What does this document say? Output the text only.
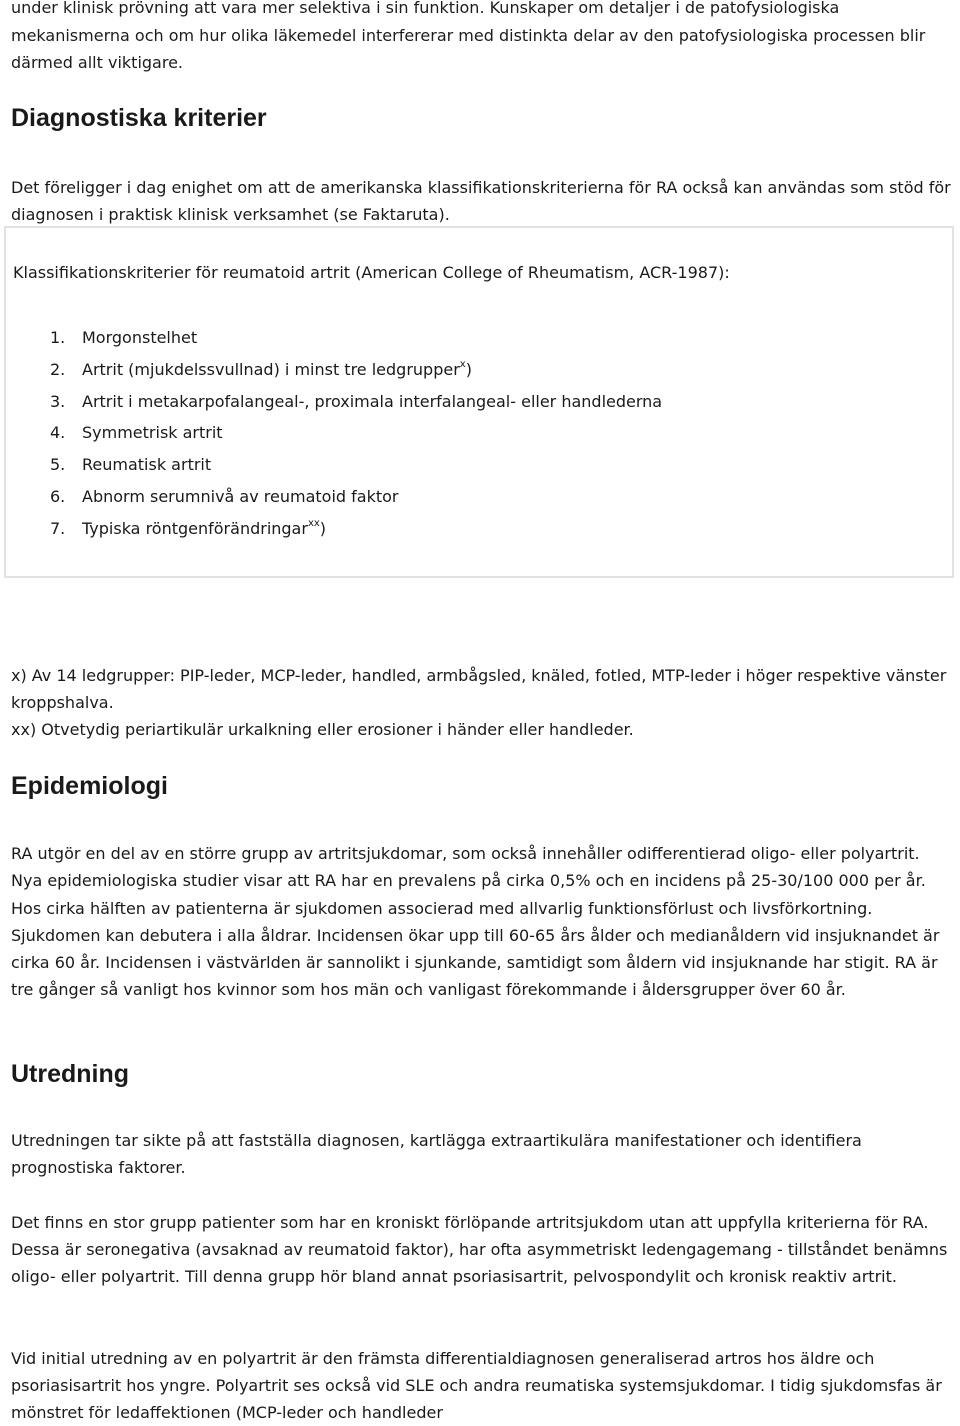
under klinisk prövning att vara mer selektiva i sin funktion. Kunskaper om detaljer i de patofysiologiska mekanismerna och om hur olika läkemedel interfererar med distinkta delar av den patofysiologiska processen blir därmed allt viktigare.

Diagnostiska kriterier

Det föreligger i dag enighet om att de amerikanska klassifikationskriterierna för RA också kan användas som stöd för diagnosen i praktisk klinisk verksamhet (se Faktaruta).

Klassifikationskriterier för reumatoid artrit (American College of Rheumatism, ACR-1987):
1. Morgonstelhet
2. Artrit (mjukdelssvullnad) i minst tre ledgrupper$^x$)
3. Artrit i metakarpofalangeal-, proximala interfalangeal- eller handlederna
4. Symmetrisk artrit
5. Reumatisk artrit
6. Abnorm serumnivå av reumatoid faktor
7. Typiska röntgenförändringar$^{xx}$)
x) Av 14 ledgrupper: PIP-leder, MCP-leder, handled, armbågsled, knäled, fotled, MTP-leder i höger respektive vänster kroppshalva.
xx) Otvetydig periartikulär urkalkning eller erosioner i händer eller handleder.
Epidemiologi

RA utgör en del av en större grupp av artritsjukdomar, som också innehåller odifferentierad oligo- eller polyartrit. Nya epidemiologiska studier visar att RA har en prevalens på cirka 0,5% och en incidens på 25-30/100 000 per år. Hos cirka hälften av patienterna är sjukdomen associerad med allvarlig funktionsförlust och livsförkortning. Sjukdomen kan debutera i alla åldrar. Incidensen ökar upp till 60-65 års ålder och medianåldern vid insjuknandet är cirka 60 år. Incidensen i västvärlden är sannolikt i sjunkande, samtidigt som åldern vid insjuknande har stigit. RA är tre gånger så vanligt hos kvinnor som hos män och vanligast förekommande i åldersgrupper över 60 år.

Utredning

Utredningen tar sikte på att fastställa diagnosen, kartlägga extraartikulära manifestationer och identifiera prognostiska faktorer.

Det finns en stor grupp patienter som har en kroniskt förlöpande artritsjukdom utan att uppfylla kriterierna för RA. Dessa är seronegativa (avsaknad av reumatoid faktor), har ofta asymmetriskt ledengagemang - tillståndet benämns oligo- eller polyartrit. Till denna grupp hör bland annat psoriasisartrit, pelvospondylit och kronisk reaktiv artrit.

Vid initial utredning av en polyartrit är den främsta differentialdiagnosen generaliserad artros hos äldre och psoriasisartrit hos yngre. Polyartrit ses också vid SLE och andra reumatiska systemsjukdomar. I tidig sjukdomsfas är mönstret för ledaffektionen (MCP-leder och handleder
